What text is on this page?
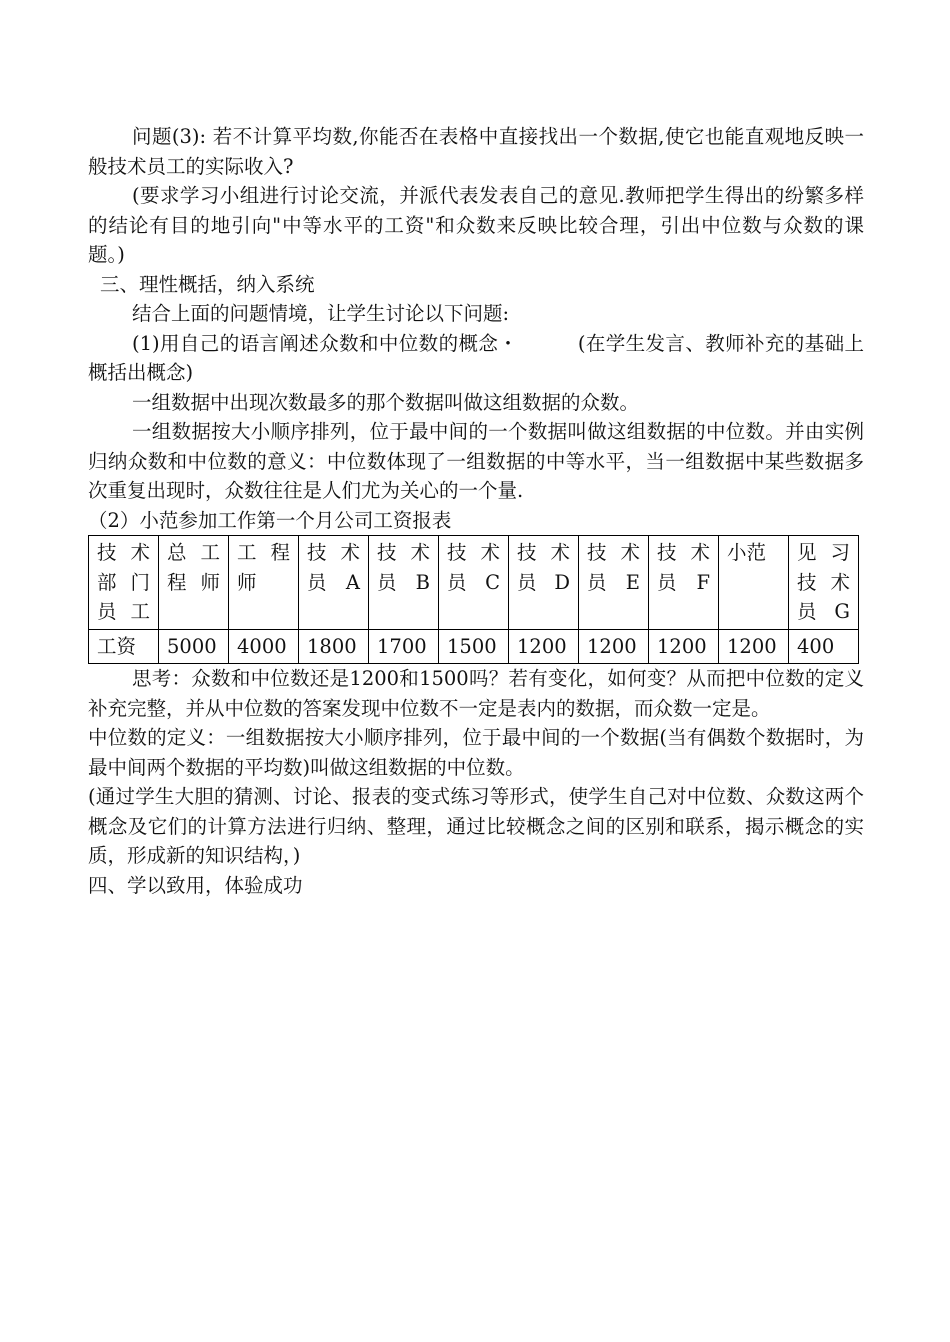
问题(3): 若不计算平均数,你能否在表格中直接找出一个数据,使它也能直观地反映一般技术员工的实际收入?

(要求学习小组进行讨论交流，并派代表发表自己的意见.教师把学生得出的纷繁多样的结论有目的地引向"中等水平的工资"和众数来反映比较合理，引出中位数与众数的课题。)

三、理性概括，纳入系统

结合上面的问题情境，让学生讨论以下问题:

(1)用自己的语言阐述众数和中位数的概念・　　　(在学生发言、教师补充的基础上概括出概念)

一组数据中出现次数最多的那个数据叫做这组数据的众数。

一组数据按大小顺序排列，位于最中间的一个数据叫做这组数据的中位数。并由实例归纳众数和中位数的意义：中位数体现了一组数据的中等水平，当一组数据中某些数据多次重复出现时，众数往往是人们尤为关心的一个量.

（2）小范参加工作第一个月公司工资报表

技术部门员工	总工程师	工程师	技术员A	技术员B	技术员C	技术员D	技术员E	技术员F	小范	见习技术员G
工资	5000	4000	1800	1700	1500	1200	1200	1200	1200	400

思考：众数和中位数还是1200和1500吗？若有变化，如何变？从而把中位数的定义补充完整，并从中位数的答案发现中位数不一定是表内的数据，而众数一定是。

中位数的定义：一组数据按大小顺序排列，位于最中间的一个数据(当有偶数个数据时，为最中间两个数据的平均数)叫做这组数据的中位数。

(通过学生大胆的猜测、讨论、报表的变式练习等形式，使学生自己对中位数、众数这两个概念及它们的计算方法进行归纳、整理，通过比较概念之间的区别和联系，揭示概念的实质，形成新的知识结构，)

四、学以致用，体验成功
